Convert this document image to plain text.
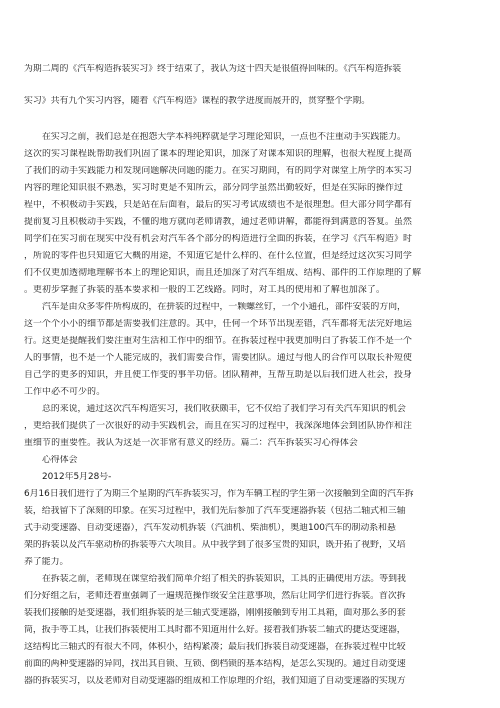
为期二周的《汽车构造拆装实习》终于结束了，我认为这十四天是很值得回味的。《汽车构造拆装
实习》共有九个实习内容，随着《汽车构造》课程的教学进度而展开的，贯穿整个学期。
在实习之前，我们总是在抱怨大学本科纯粹就是学习理论知识，一点也不注重动手实践能力。
这次的实习课程既帮助我们巩固了课本的理论知识，加深了对课本知识的理解，也很大程度上提高
了我们的动手实践能力和发现问题解决问题的能力。在实习期间，有的同学对课堂上所学的本实习
内容的理论知识很不熟悉，实习时更是不知所云，部分同学虽然出勤较好，但是在实际的操作过
程中，不积极动手实践，只是站在后面看，最后的实习考试成绩也不是很理想。但大部分同学都有
提前复习且积极动手实践，不懂的地方就向老师请教，通过老师讲解，都能得到满意的答复。虽然
同学们在实习前在现实中没有机会对汽车各个部分的构造进行全面的拆装，在学习《汽车构造》时
，所说的零件也只知道它大概的用途，不知道它是什么样的、在什么位置，但是经过这次实习同学
们不仅更加透彻地理解书本上的理论知识，而且还加深了对汽车组成、结构、部件的工作原理的了解
。更初步掌握了拆装的基本要求和一般的工艺线路。同时，对工具的使用和了解也加深了。
汽车是由众多零件所构成的，在拼装的过程中，一颗螺丝钉，一个小通孔，部件安装的方向，
这一个个小小的细节都是需要我们注意的。其中，任何一个环节出现差错，汽车都将无法完好地运
行。这更是提醒我们要注重对生活和工作中的细节。在拆装过程中我更加明白了拆装工作不是一个
人的事情，也不是一个人能完成的，我们需要合作，需要团队。通过与他人的合作可以取长补短使
自己学的更多的知识，并且使工作变的事半功倍。团队精神，互帮互助是以后我们进入社会，投身
工作中必不可少的。
总的来说，通过这次汽车构造实习，我们收获颇丰，它不仅给了我们学习有关汽车知识的机会
，更给我们提供了一次很好的动手实践机会，而且在实习的过程中，我深深地体会到团队协作和注
重细节的重要性。我认为这是一次非常有意义的经历。篇二：汽车拆装实习心得体会
心得体会
2012年5月28号-
6月16日我们进行了为期三个星期的汽车拆装实习，作为车辆工程的学生第一次接触到全面的汽车拆
装，给我留下了深刻的印象。在实习过程中，我们先后参加了汽车变速器拆装（包括二轴式和三轴
式手动变速器、自动变速器），汽车发动机拆装（汽油机、柴油机），奥迪100汽车的制动系和悬
架的拆装以及汽车驱动桥的拆装等六大项目。从中我学到了很多宝贵的知识，既开拓了视野，又培
养了能力。
在拆装之前，老师现在课堂给我们简单介绍了相关的拆装知识，工具的正确使用方法。等到我
们分好组之后，老师还着重强调了一遍规范操作级安全注意事项，然后让同学们进行拆装。首次拆
装我们接触的是变速器，我们组拆装的是三轴式变速器，刚刚接触到专用工具箱，面对那么多的套
筒，扳手等工具，让我们拆装使用工具时都不知道用什么好。接着我们拆装二轴式的捷达变速器，
这结构比三轴式的有很大不同，体积小，结构紧凑；最后我们拆装自动变速器，在拆装过程中比较
前面的两种变速器的异同，找出其自锁、互锁、倒档锁的基本结构，是怎么实现的。通过自动变速
器的拆装实习，以及老师对自动变速器的组成和工作原理的介绍，我们知道了自动变速器的实现方
